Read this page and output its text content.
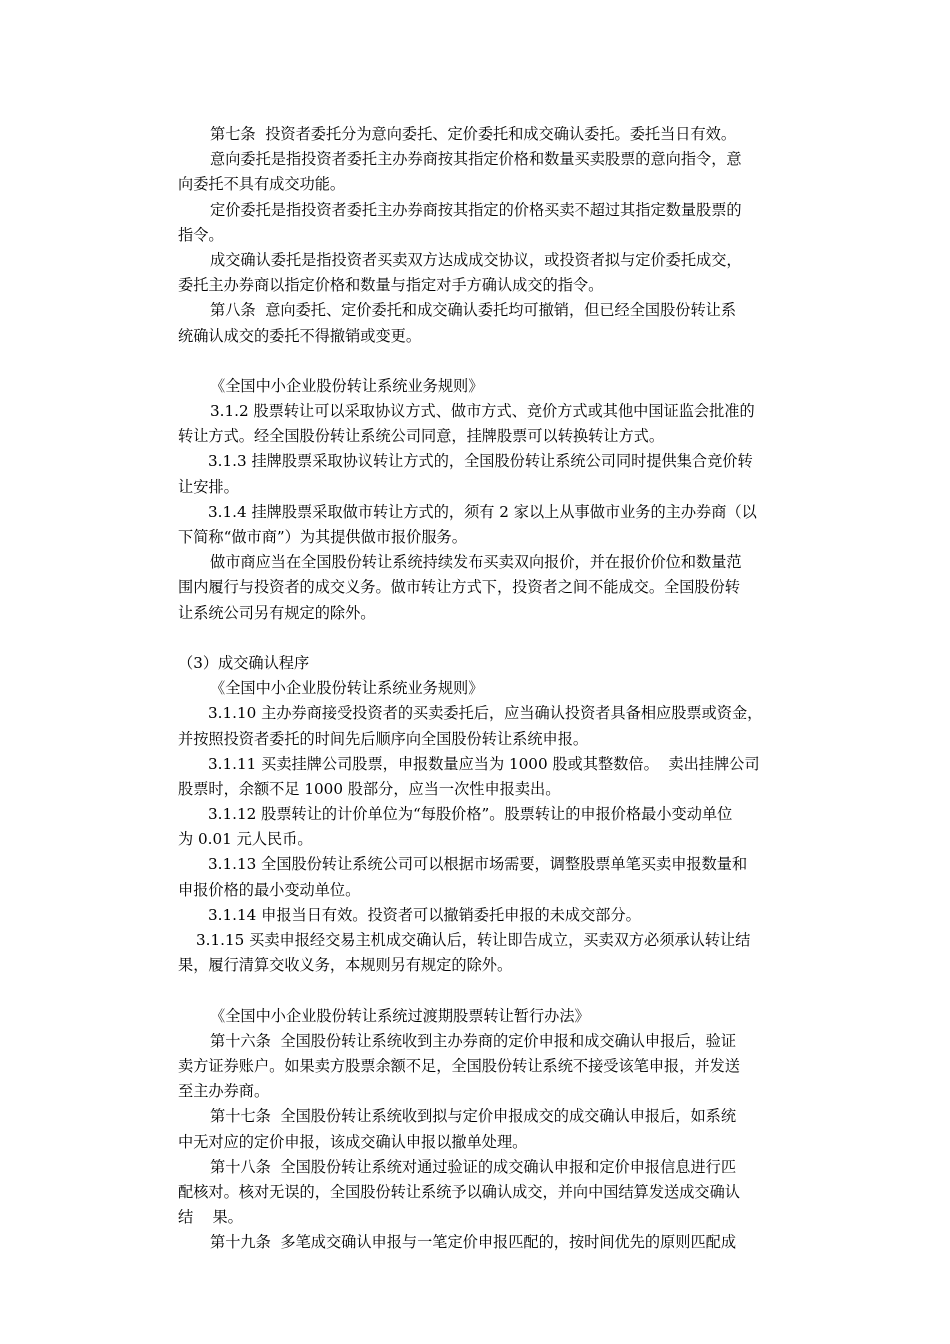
第七条  投资者委托分为意向委托、定价委托和成交确认委托。委托当日有效。
意向委托是指投资者委托主办券商按其指定价格和数量买卖股票的意向指令，意
向委托不具有成交功能。
定价委托是指投资者委托主办券商按其指定的价格买卖不超过其指定数量股票的
指令。
成交确认委托是指投资者买卖双方达成成交协议，或投资者拟与定价委托成交，
委托主办券商以指定价格和数量与指定对手方确认成交的指令。
第八条  意向委托、定价委托和成交确认委托均可撤销，但已经全国股份转让系
统确认成交的委托不得撤销或变更。
《全国中小企业股份转让系统业务规则》
3.1.2 股票转让可以采取协议方式、做市方式、竞价方式或其他中国证监会批准的
转让方式。经全国股份转让系统公司同意，挂牌股票可以转换转让方式。
3.1.3 挂牌股票采取协议转让方式的，全国股份转让系统公司同时提供集合竞价转
让安排。
3.1.4 挂牌股票采取做市转让方式的，须有 2 家以上从事做市业务的主办券商（以
下简称“做市商”）为其提供做市报价服务。
做市商应当在全国股份转让系统持续发布买卖双向报价，并在报价价位和数量范
围内履行与投资者的成交义务。做市转让方式下，投资者之间不能成交。全国股份转
让系统公司另有规定的除外。
（3）成交确认程序
《全国中小企业股份转让系统业务规则》
3.1.10 主办券商接受投资者的买卖委托后，应当确认投资者具备相应股票或资金，
并按照投资者委托的时间先后顺序向全国股份转让系统申报。
3.1.11 买卖挂牌公司股票，申报数量应当为 1000 股或其整数倍。  卖出挂牌公司
股票时，余额不足 1000 股部分，应当一次性申报卖出。
3.1.12 股票转让的计价单位为“每股价格”。股票转让的申报价格最小变动单位
为 0.01 元人民币。
3.1.13 全国股份转让系统公司可以根据市场需要，调整股票单笔买卖申报数量和
申报价格的最小变动单位。
3.1.14 申报当日有效。投资者可以撤销委托申报的未成交部分。
3.1.15 买卖申报经交易主机成交确认后，转让即告成立，买卖双方必须承认转让结
果，履行清算交收义务，本规则另有规定的除外。
《全国中小企业股份转让系统过渡期股票转让暂行办法》
第十六条  全国股份转让系统收到主办券商的定价申报和成交确认申报后，验证
卖方证券账户。如果卖方股票余额不足，全国股份转让系统不接受该笔申报，并发送
至主办券商。
第十七条  全国股份转让系统收到拟与定价申报成交的成交确认申报后，如系统
中无对应的定价申报，该成交确认申报以撤单处理。
第十八条  全国股份转让系统对通过验证的成交确认申报和定价申报信息进行匹
配核对。核对无误的，全国股份转让系统予以确认成交，并向中国结算发送成交确认
结    果。
第十九条  多笔成交确认申报与一笔定价申报匹配的，按时间优先的原则匹配成
